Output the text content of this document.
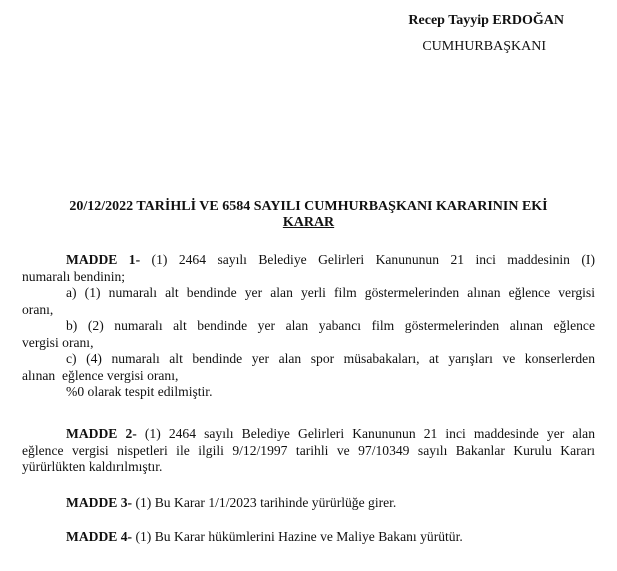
Recep Tayyip ERDOĞAN
CUMHURBAŞKANI
20/12/2022 TARİHLİ VE 6584 SAYILI CUMHURBAŞKANI KARARININ EKİ
KARAR
MADDE 1- (1) 2464 sayılı Belediye Gelirleri Kanununun 21 inci maddesinin (I)
numaralı bendinin;
a) (1) numaralı alt bendinde yer alan yerli film göstermelerinden alınan eğlence vergisi
oranı,
b) (2) numaralı alt bendinde yer alan yabancı film göstermelerinden alınan eğlence
vergisi oranı,
c) (4) numaralı alt bendinde yer alan spor müsabakaları, at yarışları ve konserlerden
alınan eğlence vergisi oranı,
%0 olarak tespit edilmiştir.
MADDE 2- (1) 2464 sayılı Belediye Gelirleri Kanununun 21 inci maddesinde yer alan
eğlence vergisi nispetleri ile ilgili 9/12/1997 tarihli ve 97/10349 sayılı Bakanlar Kurulu Kararı
yürürlükten kaldırılmıştır.
MADDE 3- (1) Bu Karar 1/1/2023 tarihinde yürürlüğe girer.
MADDE 4- (1) Bu Karar hükümlerini Hazine ve Maliye Bakanı yürütür.
